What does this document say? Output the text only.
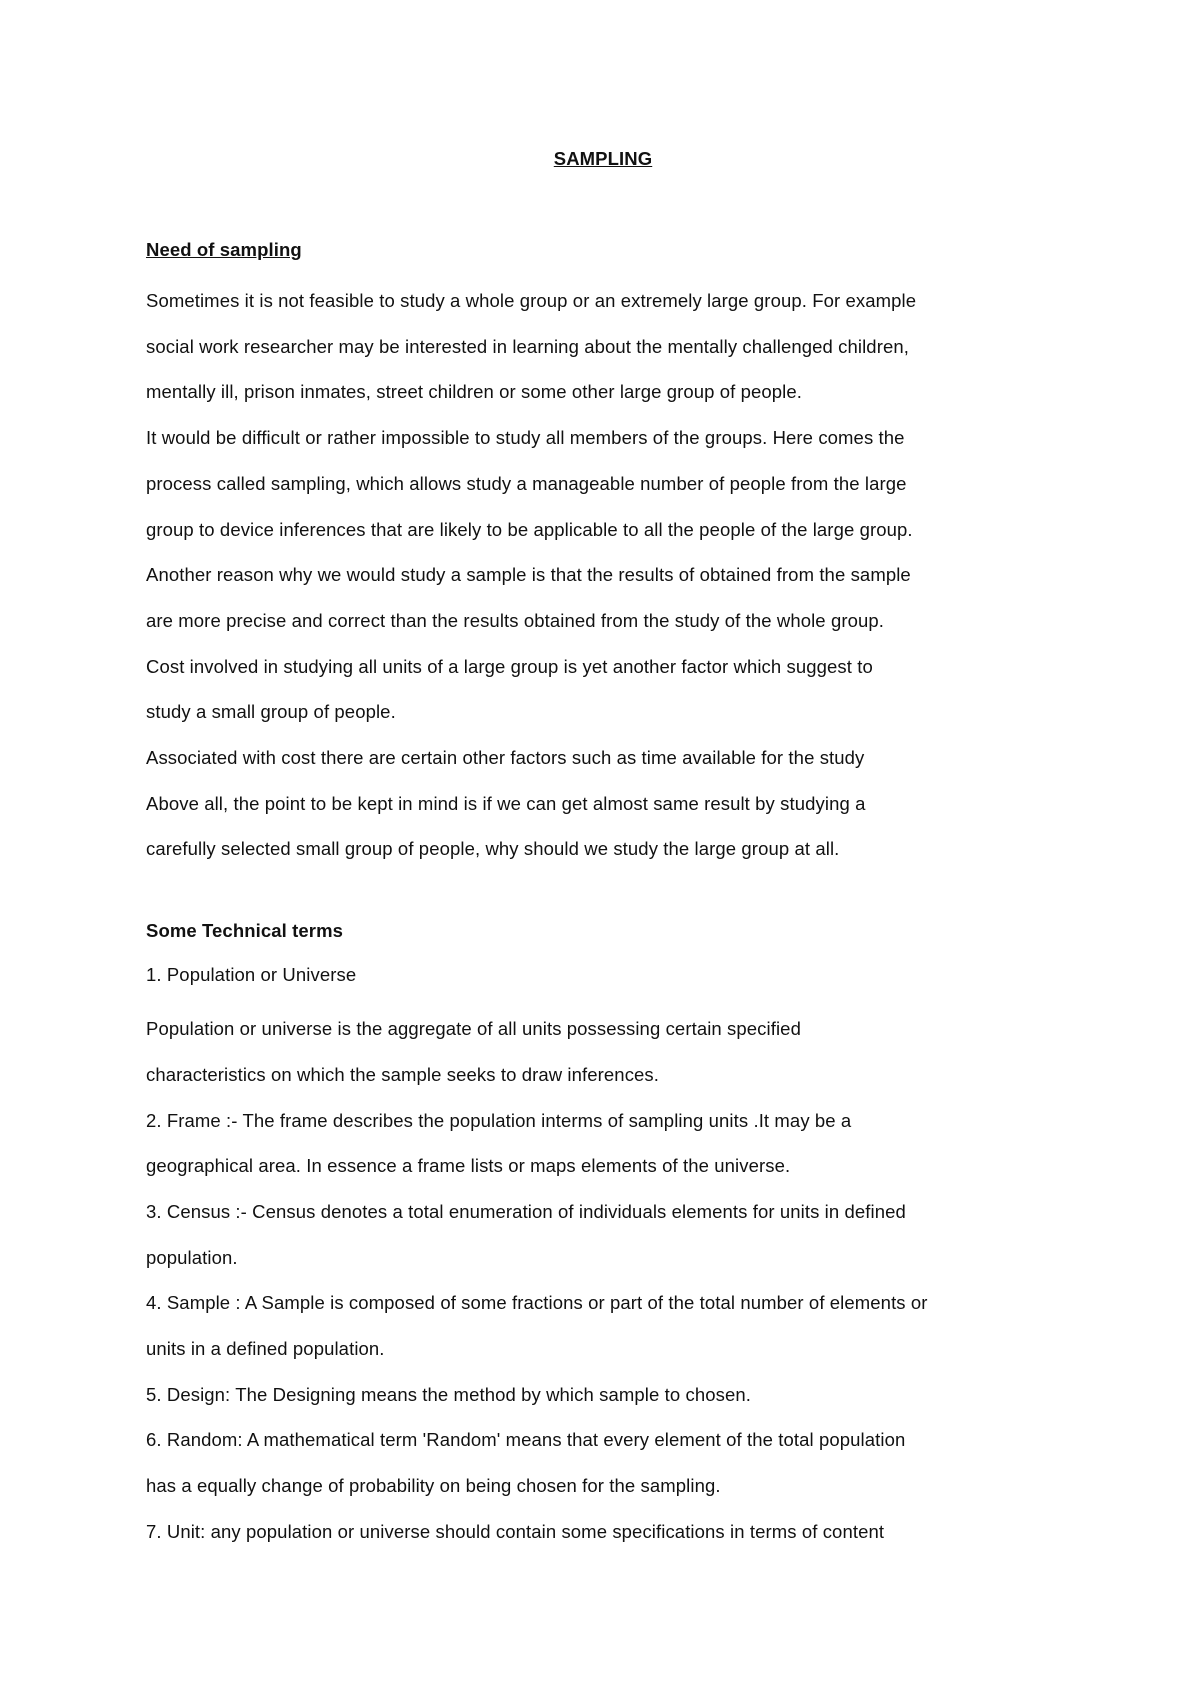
SAMPLING
Need of sampling

Sometimes it is not feasible to study a whole group or an extremely large group. For example

social work researcher may be interested in learning about the mentally challenged children,

mentally ill, prison inmates, street children or some other large group of people.

It would be difficult or rather impossible to study all members of the groups. Here comes the

process called sampling, which allows study a manageable number of people from the large

group to device inferences that are likely to be applicable to all the people of the large group.

Another reason why we would study a sample is that the results of obtained from the sample

are more precise and correct than the results obtained from the study of the whole group.

Cost involved in studying all units of a large group is yet another factor which suggest to

study a small group of people.

Associated with cost there are certain other factors such as time available for the study

Above all, the point to be kept in mind is if we can get almost same result by studying a

carefully selected small group of people, why should we study the large group at all.

Some Technical terms

1. Population or Universe

Population or universe is the aggregate of all units possessing certain specified

characteristics on which the sample seeks to draw inferences.

2. Frame :- The frame describes the population interms of sampling units .It may be a

geographical area. In essence a frame lists or maps elements of the universe.

3. Census :- Census denotes a total enumeration of individuals elements for units in defined

population.

4. Sample : A Sample is composed of some fractions or part of the total number of elements or

units in a defined population.

5. Design: The Designing means the method by which sample to chosen.

6. Random: A mathematical term 'Random' means that every element of the total population

has a equally change of probability on being chosen for the sampling.

7. Unit: any population or universe should contain some specifications in terms of content
